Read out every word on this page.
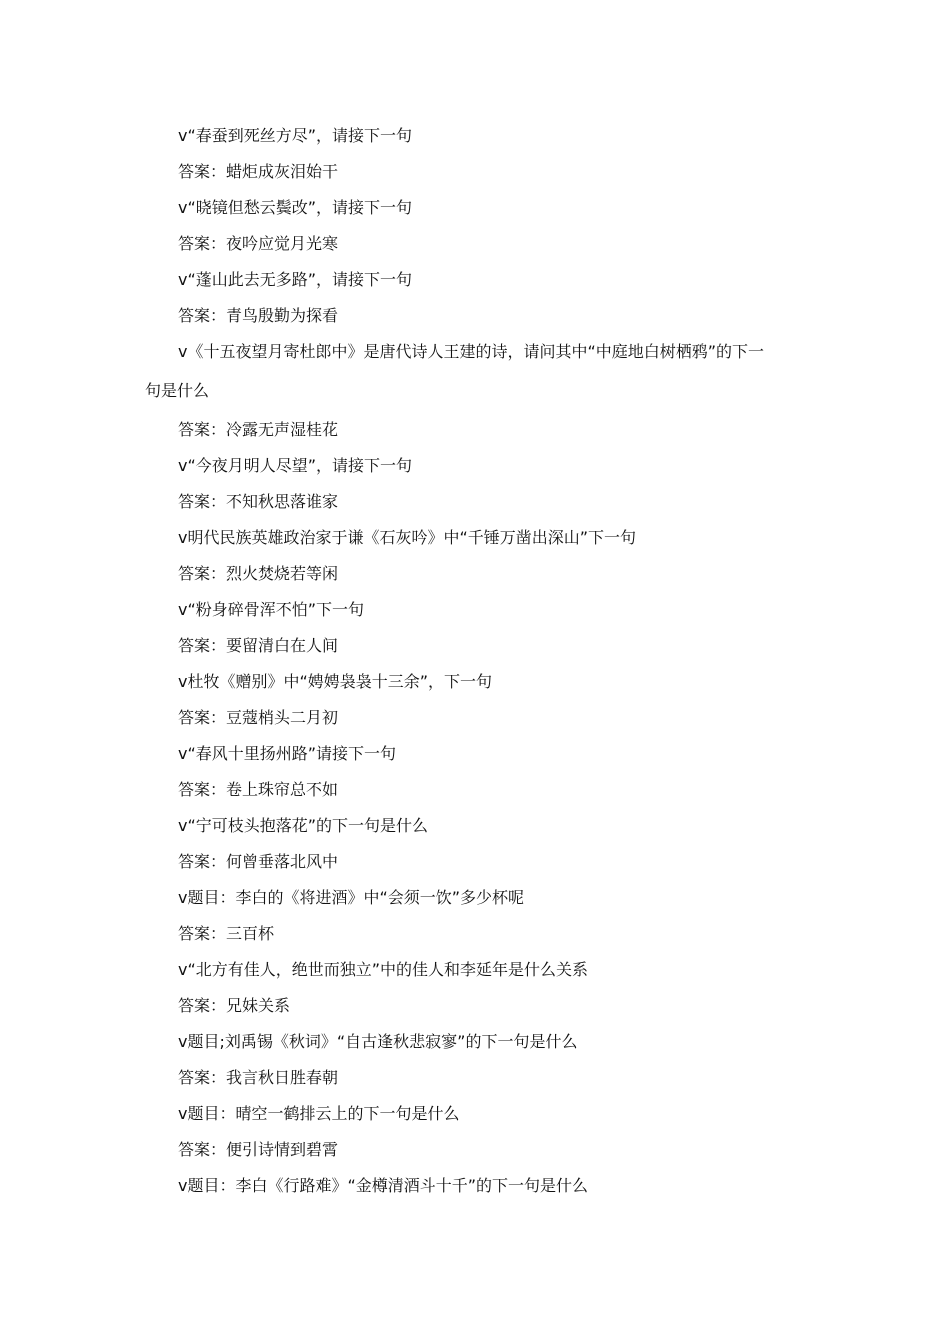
v“春蚕到死丝方尽”，请接下一句
答案：蜡炬成灰泪始干
v“晓镜但愁云鬓改”，请接下一句
答案：夜吟应觉月光寒
v“蓬山此去无多路”，请接下一句
答案：青鸟殷勤为探看
v《十五夜望月寄杜郎中》是唐代诗人王建的诗，请问其中“中庭地白树栖鸦”的下一
句是什么
答案：冷露无声湿桂花
v“今夜月明人尽望”，请接下一句
答案：不知秋思落谁家
v明代民族英雄政治家于谦《石灰吟》中“千锤万凿出深山”下一句
答案：烈火焚烧若等闲
v“粉身碎骨浑不怕”下一句
答案：要留清白在人间
v杜牧《赠别》中“娉娉袅袅十三余”，下一句
答案：豆蔻梢头二月初
v“春风十里扬州路”请接下一句
答案：卷上珠帘总不如
v“宁可枝头抱落花”的下一句是什么
答案：何曾垂落北风中
v题目：李白的《将进酒》中“会须一饮”多少杯呢
答案：三百杯
v“北方有佳人，绝世而独立”中的佳人和李延年是什么关系
答案：兄妹关系
v题目;刘禹锡《秋词》“自古逢秋悲寂寥”的下一句是什么
答案：我言秋日胜春朝
v题目：晴空一鹤排云上的下一句是什么
答案：便引诗情到碧霄
v题目：李白《行路难》“金樽清酒斗十千”的下一句是什么
